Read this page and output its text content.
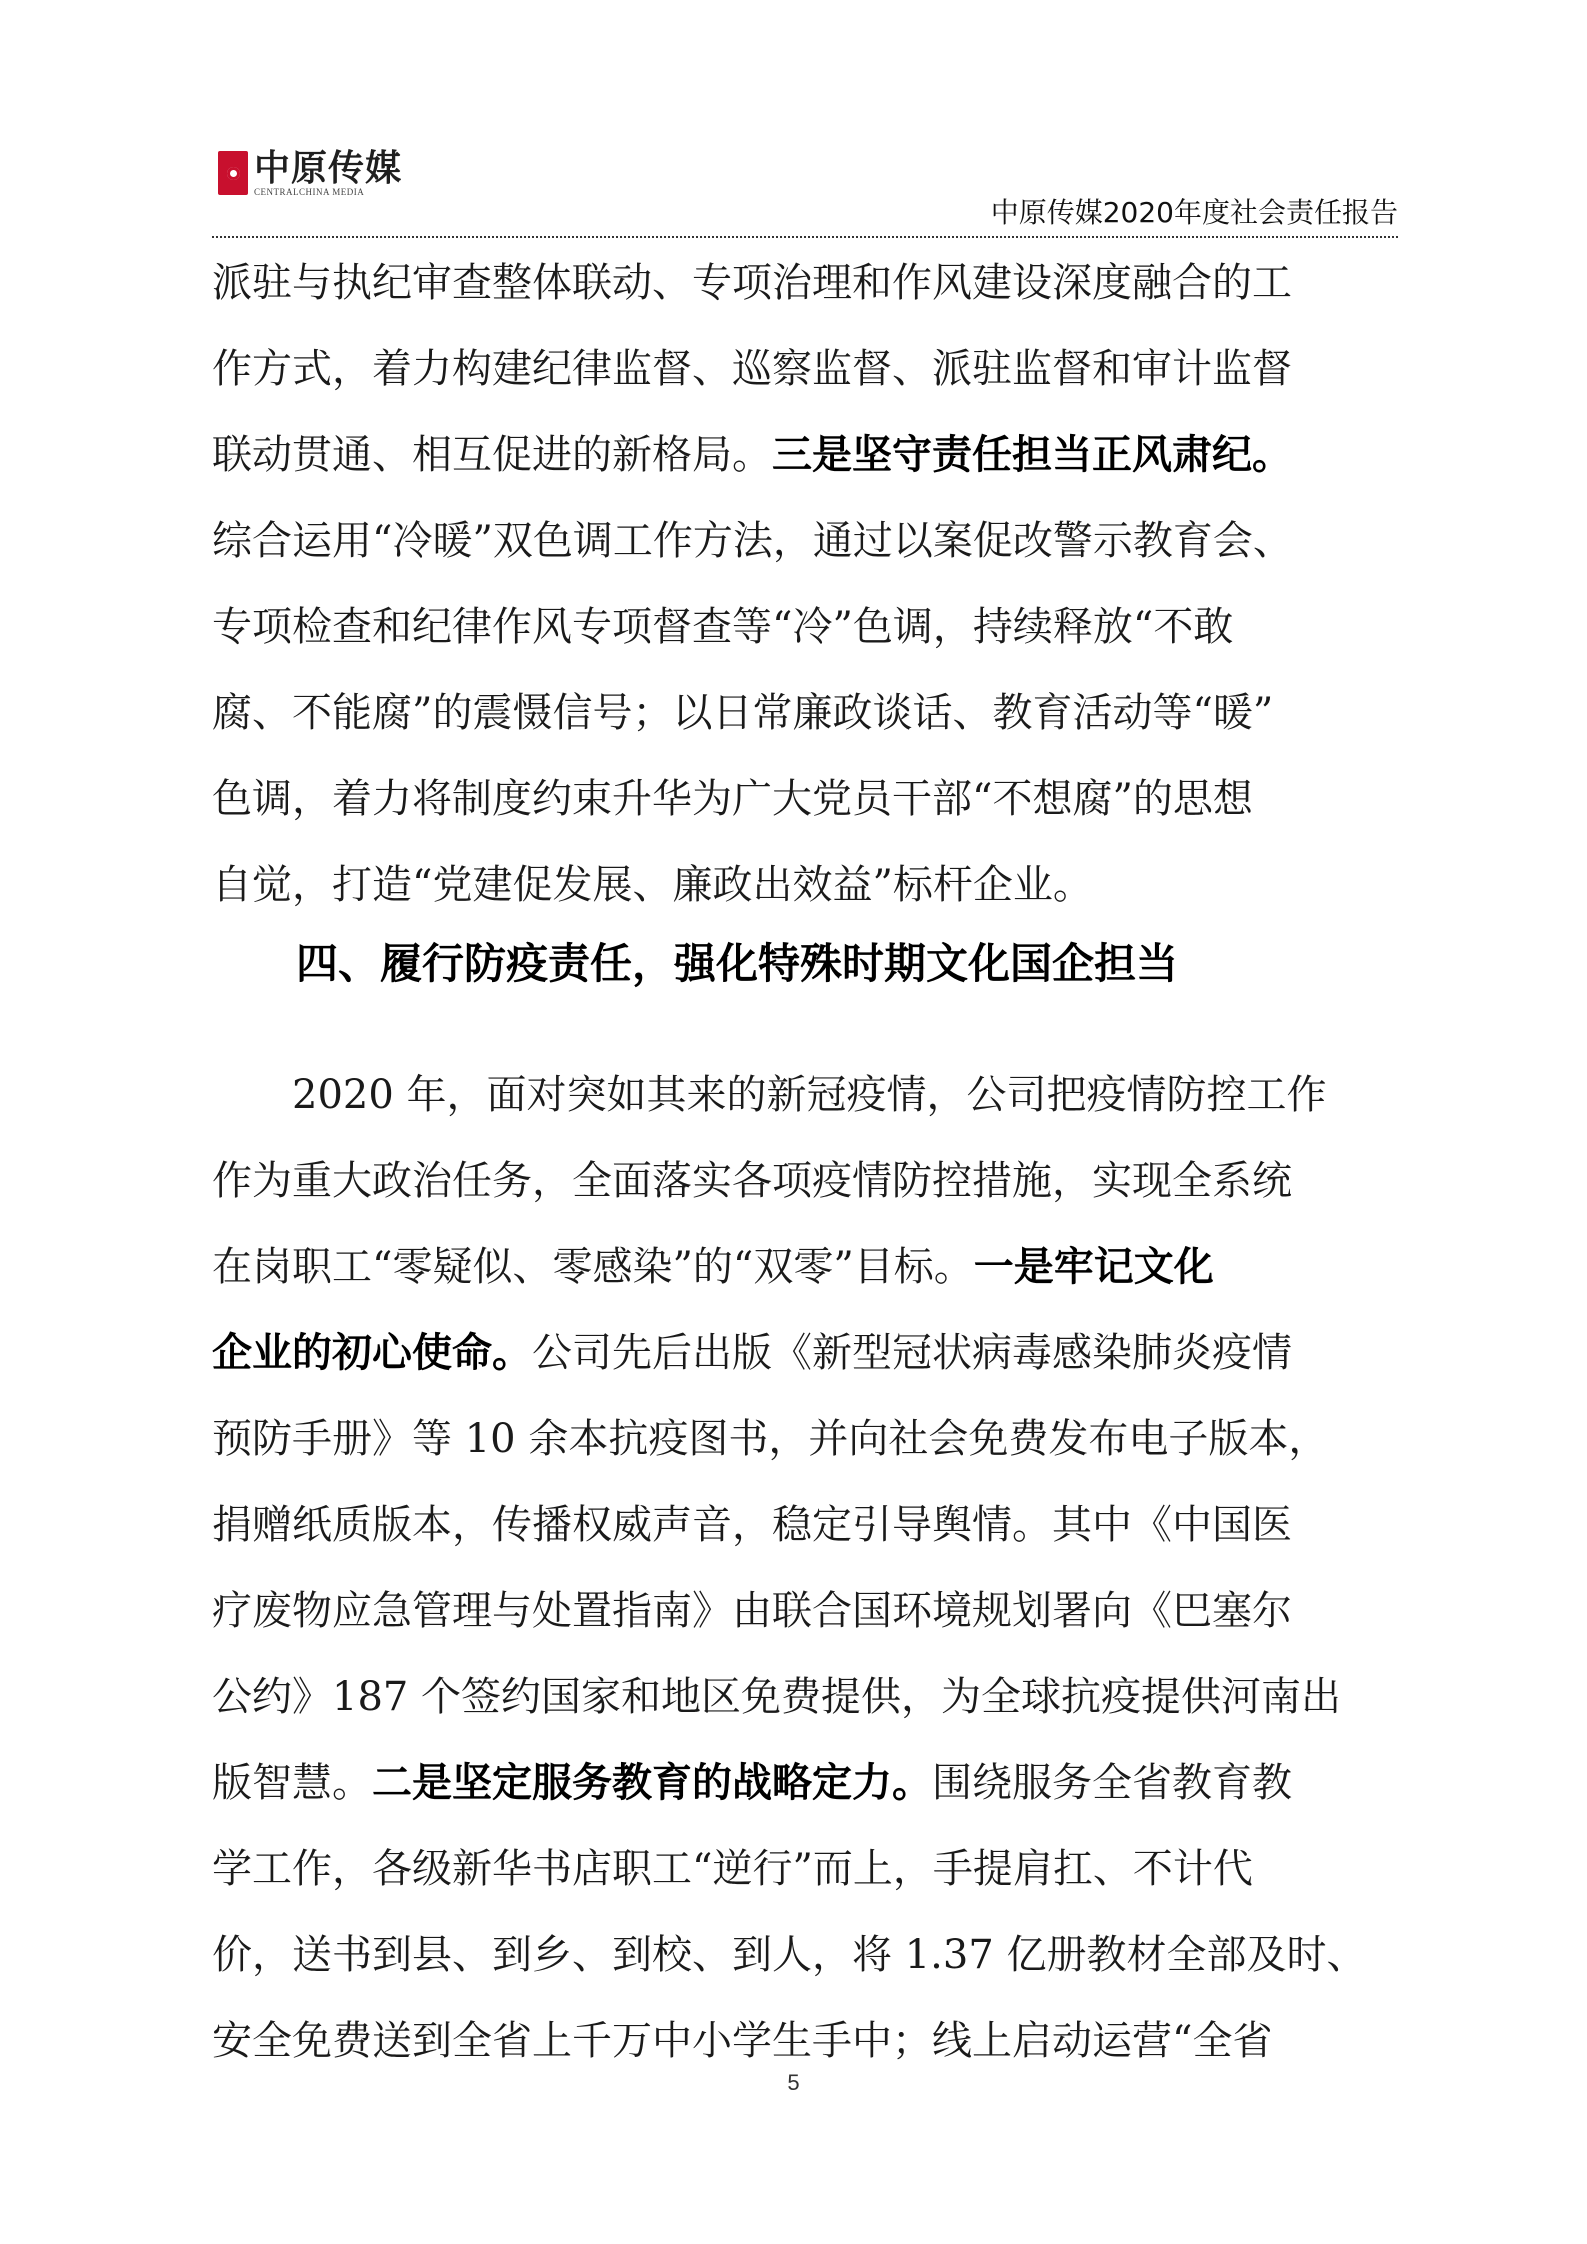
中原传媒
CENTRALCHINA MEDIA
中原传媒2020年度社会责任报告
派驻与执纪审查整体联动、专项治理和作风建设深度融合的工
作方式，着力构建纪律监督、巡察监督、派驻监督和审计监督
联动贯通、相互促进的新格局。三是坚守责任担当正风肃纪。
综合运用“冷暖”双色调工作方法，通过以案促改警示教育会、
专项检查和纪律作风专项督查等“冷”色调，持续释放“不敢
腐、不能腐”的震慑信号；以日常廉政谈话、教育活动等“暖”
色调，着力将制度约束升华为广大党员干部“不想腐”的思想
自觉，打造“党建促发展、廉政出效益”标杆企业。
四、履行防疫责任，强化特殊时期文化国企担当
2020 年，面对突如其来的新冠疫情，公司把疫情防控工作
作为重大政治任务，全面落实各项疫情防控措施，实现全系统
在岗职工“零疑似、零感染”的“双零”目标。一是牢记文化
企业的初心使命。公司先后出版《新型冠状病毒感染肺炎疫情
预防手册》等 10 余本抗疫图书，并向社会免费发布电子版本，
捐赠纸质版本，传播权威声音，稳定引导舆情。其中《中国医
疗废物应急管理与处置指南》由联合国环境规划署向《巴塞尔
公约》187 个签约国家和地区免费提供，为全球抗疫提供河南出
版智慧。二是坚定服务教育的战略定力。围绕服务全省教育教
学工作，各级新华书店职工“逆行”而上，手提肩扛、不计代
价，送书到县、到乡、到校、到人，将 1.37 亿册教材全部及时、
安全免费送到全省上千万中小学生手中；线上启动运营“全省
5
